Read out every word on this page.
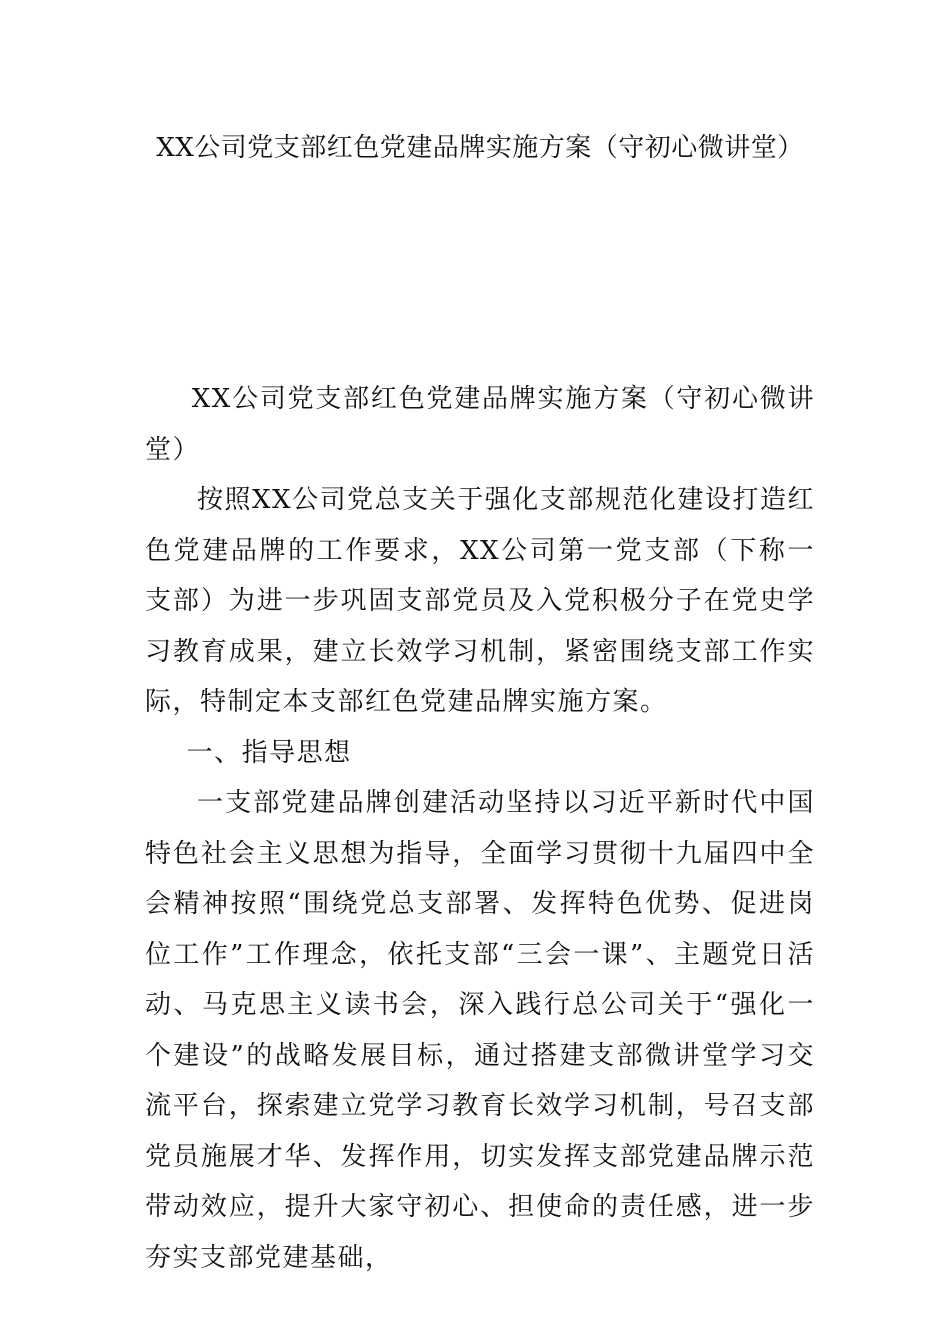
XX公司党支部红色党建品牌实施方案（守初心微讲堂）

XX公司党支部红色党建品牌实施方案（守初心微讲堂）

按照XX公司党总支关于强化支部规范化建设打造红色党建品牌的工作要求，XX公司第一党支部（下称一支部）为进一步巩固支部党员及入党积极分子在党史学习教育成果，建立长效学习机制，紧密围绕支部工作实际，特制定本支部红色党建品牌实施方案。

一、指导思想

一支部党建品牌创建活动坚持以习近平新时代中国特色社会主义思想为指导，全面学习贯彻十九届四中全会精神按照“围绕党总支部署、发挥特色优势、促进岗位工作”工作理念，依托支部“三会一课”、主题党日活动、马克思主义读书会，深入践行总公司关于“强化一个建设”的战略发展目标，通过搭建支部微讲堂学习交流平台，探索建立党学习教育长效学习机制，号召支部党员施展才华、发挥作用，切实发挥支部党建品牌示范带动效应，提升大家守初心、担使命的责任感，进一步夯实支部党建基础，
